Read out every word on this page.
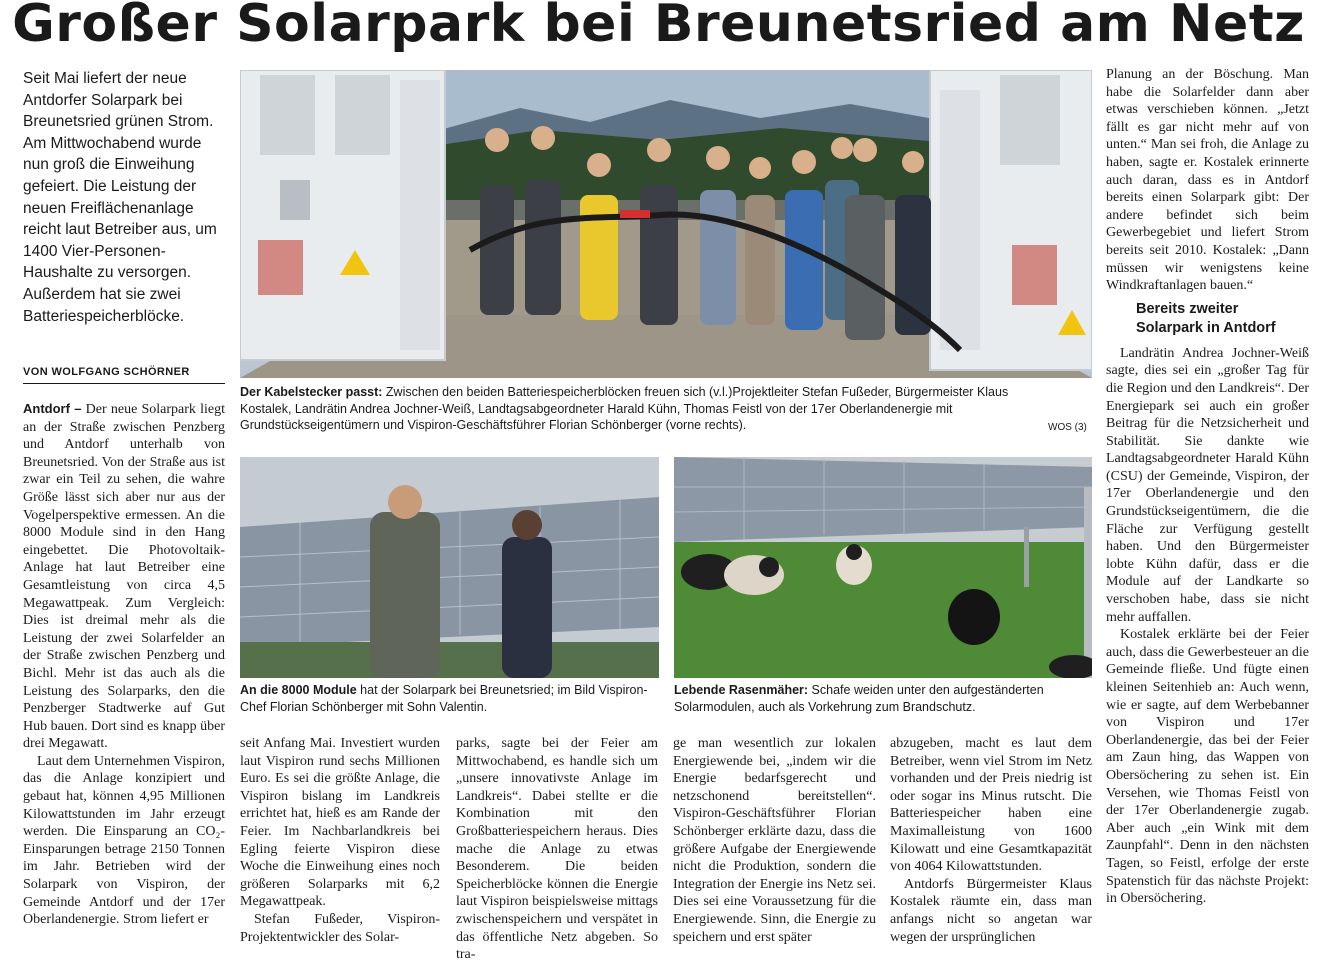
Großer Solarpark bei Breunetsried am Netz
Seit Mai liefert der neue Antdorfer Solarpark bei Breunetsried grünen Strom. Am Mittwochabend wurde nun groß die Einweihung gefeiert. Die Leistung der neuen Freiflächenanlage reicht laut Betreiber aus, um 1400 Vier-Personen-Haushalte zu versorgen. Außerdem hat sie zwei Batteriespeicherblöcke.
VON WOLFGANG SCHÖRNER

Antdorf – Der neue Solarpark liegt an der Straße zwischen Penzberg und Antdorf unterhalb von Breunetsried. Von der Straße aus ist zwar ein Teil zu sehen, die wahre Größe lässt sich aber nur aus der Vogelperspektive ermessen. An die 8000 Module sind in den Hang eingebettet. Die Photovoltaik-Anlage hat laut Betreiber eine Gesamtleistung von circa 4,5 Megawattpeak. Zum Vergleich: Dies ist dreimal mehr als die Leistung der zwei Solarfelder an der Straße zwischen Penzberg und Bichl. Mehr ist das auch als die Leistung des Solarparks, den die Penzberger Stadtwerke auf Gut Hub bauen. Dort sind es knapp über drei Megawatt.

Laut dem Unternehmen Vispiron, das die Anlage konzipiert und gebaut hat, können 4,95 Millionen Kilowattstunden im Jahr erzeugt werden. Die Einsparung an CO₂-Einsparungen betrage 2150 Tonnen im Jahr. Betrieben wird der Solarpark von Vispiron, der Gemeinde Antdorf und der 17er Oberlandenergie. Strom liefert er

Der Kabelstecker passt: Zwischen den beiden Batteriespeicherblöcken freuen sich (v.l.)Projektleiter Stefan Fußeder, Bürgermeister Klaus Kostalek, Landrätin Andrea Jochner-Weiß, Landtagsabgeordneter Harald Kühn, Thomas Feistl von der 17er Oberlandenergie mit Grundstückseigentümern und Vispiron-Geschäftsführer Florian Schönberger (vorne rechts).	WOS (3)
An die 8000 Module hat der Solarpark bei Breunetsried; im Bild Vispiron-Chef Florian Schönberger mit Sohn Valentin.
Lebende Rasenmäher: Schafe weiden unter den aufgeständerten Solarmodulen, auch als Vorkehrung zum Brandschutz.

seit Anfang Mai. Investiert wurden laut Vispiron rund sechs Millionen Euro. Es sei die größte Anlage, die Vispiron bislang im Landkreis errichtet hat, hieß es am Rande der Feier. Im Nachbarlandkreis bei Egling feierte Vispiron diese Woche die Einweihung eines noch größeren Solarparks mit 6,2 Megawattpeak.

Stefan Fußeder, Vispiron-Projektentwickler des Solar-

parks, sagte bei der Feier am Mittwochabend, es handle sich um „unsere innovativste Anlage im Landkreis“. Dabei stellte er die Kombination mit den Großbatteriespeichern heraus. Dies mache die Anlage zu etwas Besonderem. Die beiden Speicherblöcke können die Energie laut Vispiron beispielsweise mittags zwischenspeichern und verspätet in das öffentliche Netz abgeben. So tra-

ge man wesentlich zur lokalen Energiewende bei, „indem wir die Energie bedarfsgerecht und netzschonend bereitstellen“. Vispiron-Geschäftsführer Florian Schönberger erklärte dazu, dass die größere Aufgabe der Energiewende nicht die Produktion, sondern die Integration der Energie ins Netz sei. Dies sei eine Voraussetzung für die Energiewende. Sinn, die Energie zu speichern und erst später

abzugeben, macht es laut dem Betreiber, wenn viel Strom im Netz vorhanden und der Preis niedrig ist oder sogar ins Minus rutscht. Die Batteriespeicher haben eine Maximalleistung von 1600 Kilowatt und eine Gesamtkapazität von 4064 Kilowattstunden.

Antdorfs Bürgermeister Klaus Kostalek räumte ein, dass man anfangs nicht so angetan war wegen der ursprünglichen

Planung an der Böschung. Man habe die Solarfelder dann aber etwas verschieben können. „Jetzt fällt es gar nicht mehr auf von unten.“ Man sei froh, die Anlage zu haben, sagte er. Kostalek erinnerte auch daran, dass es in Antdorf bereits einen Solarpark gibt: Der andere befindet sich beim Gewerbegebiet und liefert Strom bereits seit 2010. Kostalek: „Dann müssen wir wenigstens keine Windkraftanlagen bauen.“

Bereits zweiter Solarpark in Antdorf

Landrätin Andrea Jochner-Weiß sagte, dies sei ein „großer Tag für die Region und den Landkreis“. Der Energiepark sei auch ein großer Beitrag für die Netzsicherheit und Stabilität. Sie dankte wie Landtagsabgeordneter Harald Kühn (CSU) der Gemeinde, Vispiron, der 17er Oberlandenergie und den Grundstückseigentümern, die die Fläche zur Verfügung gestellt haben. Und den Bürgermeister lobte Kühn dafür, dass er die Module auf der Landkarte so verschoben habe, dass sie nicht mehr auffallen.

Kostalek erklärte bei der Feier auch, dass die Gewerbesteuer an die Gemeinde fließe. Und fügte einen kleinen Seitenhieb an: Auch wenn, wie er sagte, auf dem Werbebanner von Vispiron und 17er Oberlandenergie, das bei der Feier am Zaun hing, das Wappen von Obersöchering zu sehen ist. Ein Versehen, wie Thomas Feistl von der 17er Oberlandenergie zugab. Aber auch „ein Wink mit dem Zaunpfahl“. Denn in den nächsten Tagen, so Feistl, erfolge der erste Spatenstich für das nächste Projekt: in Obersöchering.
